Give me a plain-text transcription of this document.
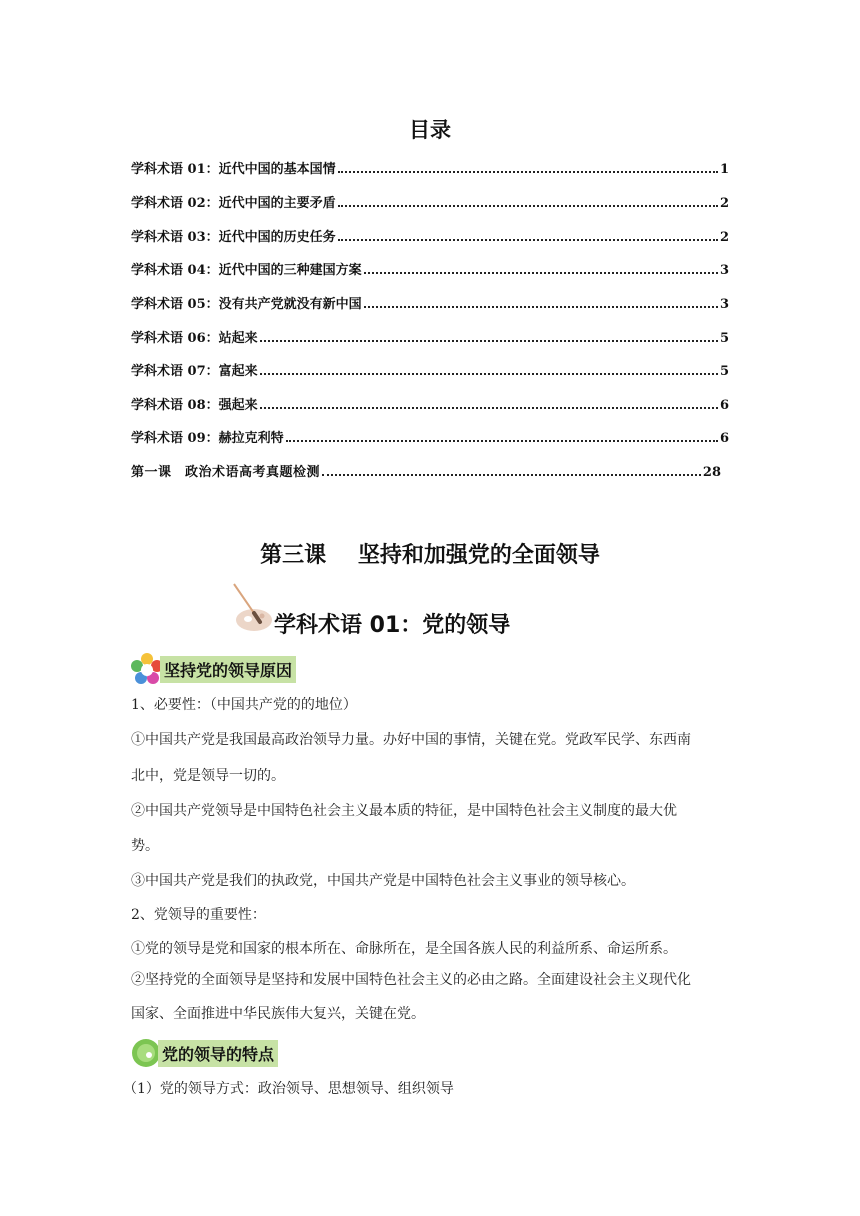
目录
学科术语 01：近代中国的基本国情	1
学科术语 02：近代中国的主要矛盾	2
学科术语 03：近代中国的历史任务	2
学科术语 04：近代中国的三种建国方案	3
学科术语 05：没有共产党就没有新中国	3
学科术语 06：站起来	5
学科术语 07：富起来	5
学科术语 08：强起来	6
学科术语 09：赫拉克利特	6
第一课　政治术语高考真题检测	28
第三课　 坚持和加强党的全面领导
学科术语 01：党的领导
坚持党的领导原因
1、必要性：（中国共产党的的地位）
①中国共产党是我国最高政治领导力量。办好中国的事情，关键在党。党政军民学、东西南
北中，党是领导一切的。
②中国共产党领导是中国特色社会主义最本质的特征，是中国特色社会主义制度的最大优
势。
③中国共产党是我们的执政党，中国共产党是中国特色社会主义事业的领导核心。
2、党领导的重要性：
①党的领导是党和国家的根本所在、命脉所在，是全国各族人民的利益所系、命运所系。
②坚持党的全面领导是坚持和发展中国特色社会主义的必由之路。全面建设社会主义现代化
国家、全面推进中华民族伟大复兴，关键在党。
党的领导的特点
（1）党的领导方式：政治领导、思想领导、组织领导
